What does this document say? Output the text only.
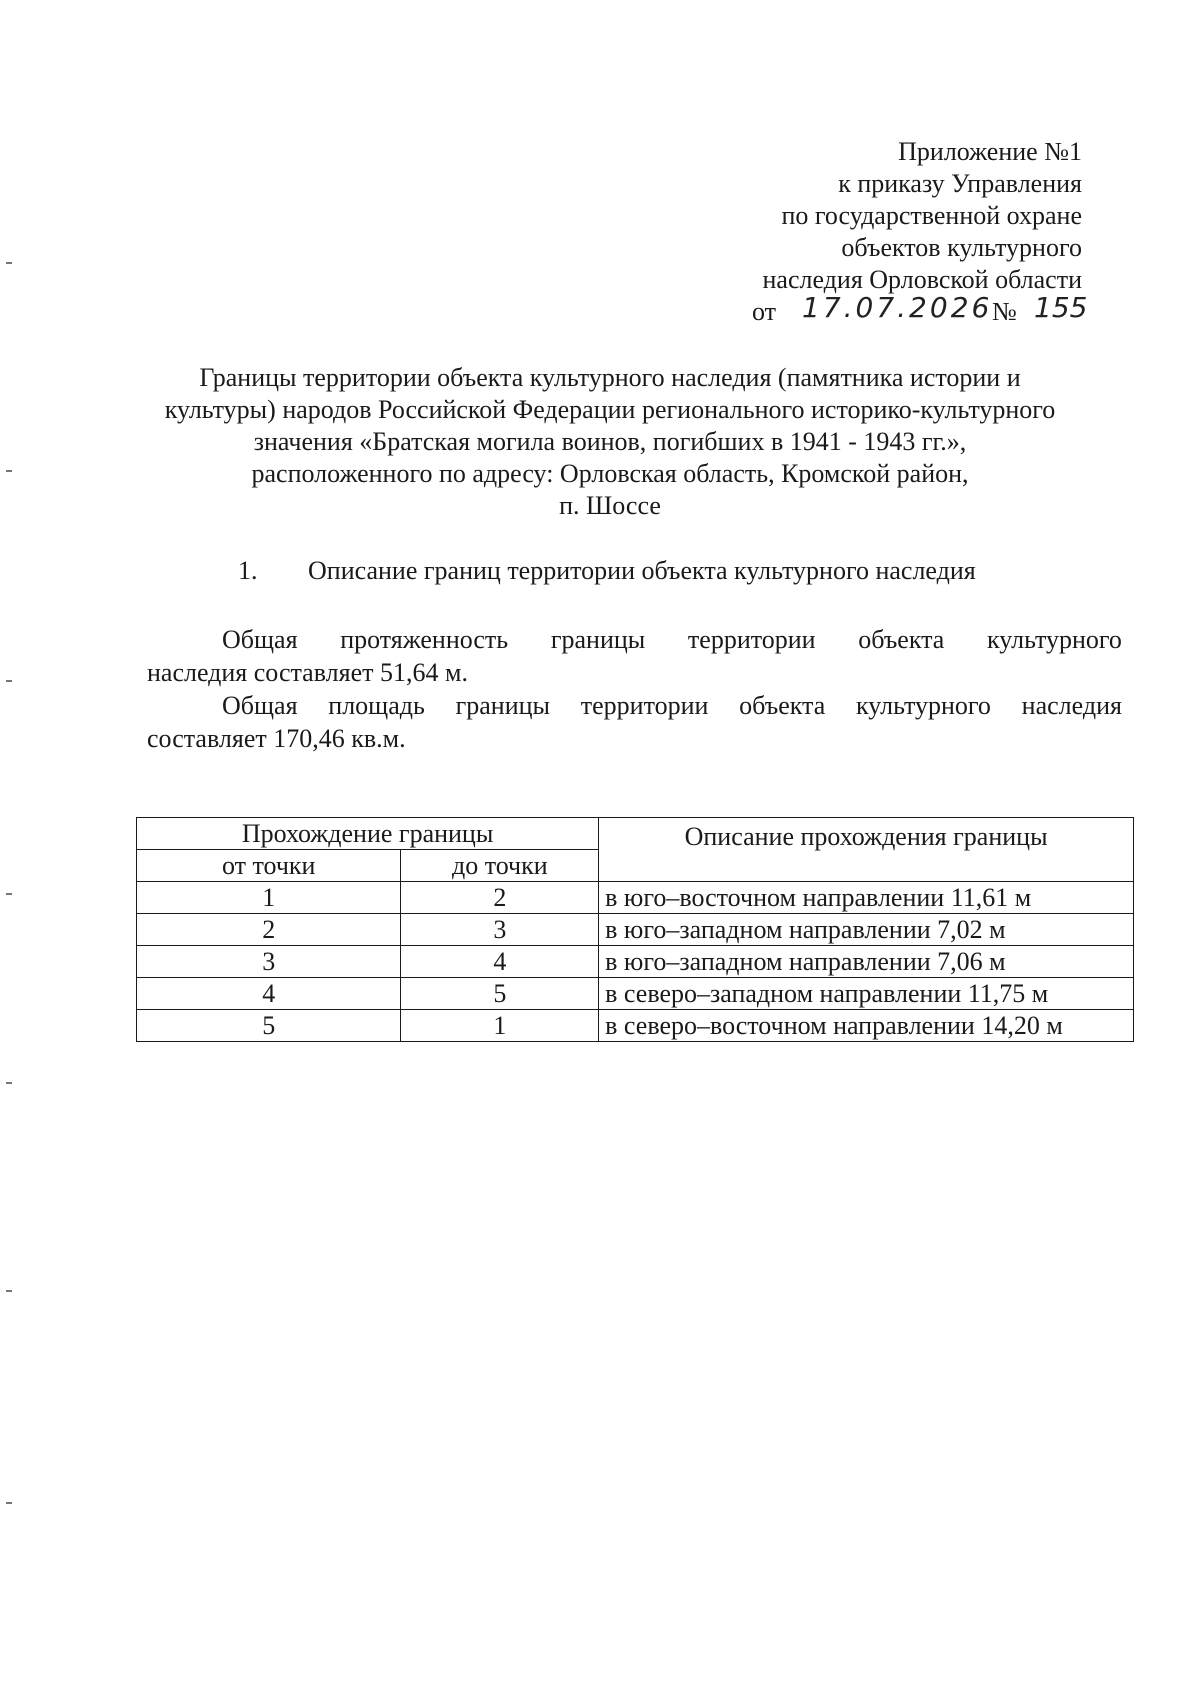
Приложение №1
к приказу Управления
по государственной охране
объектов культурного
наследия Орловской области
от 17.07.2026 № 155
Границы территории объекта культурного наследия (памятника истории и
культуры) народов Российской Федерации регионального историко-культурного
значения «Братская могила воинов, погибших в 1941 - 1943 гг.»,
расположенного по адресу: Орловская область, Кромской район,
п. Шоссе
1. Описание границ территории объекта культурного наследия
Общая протяженность границы территории объекта культурного
наследия составляет 51,64 м.
Общая площадь границы территории объекта культурного наследия
составляет 170,46 кв.м.
Прохождение границы		Описание прохождения границы
от точки	до точки	
1	2	в юго–восточном направлении 11,61 м
2	3	в юго–западном направлении 7,02 м
3	4	в юго–западном направлении 7,06 м
4	5	в северо–западном направлении 11,75 м
5	1	в северо–восточном направлении 14,20 м
